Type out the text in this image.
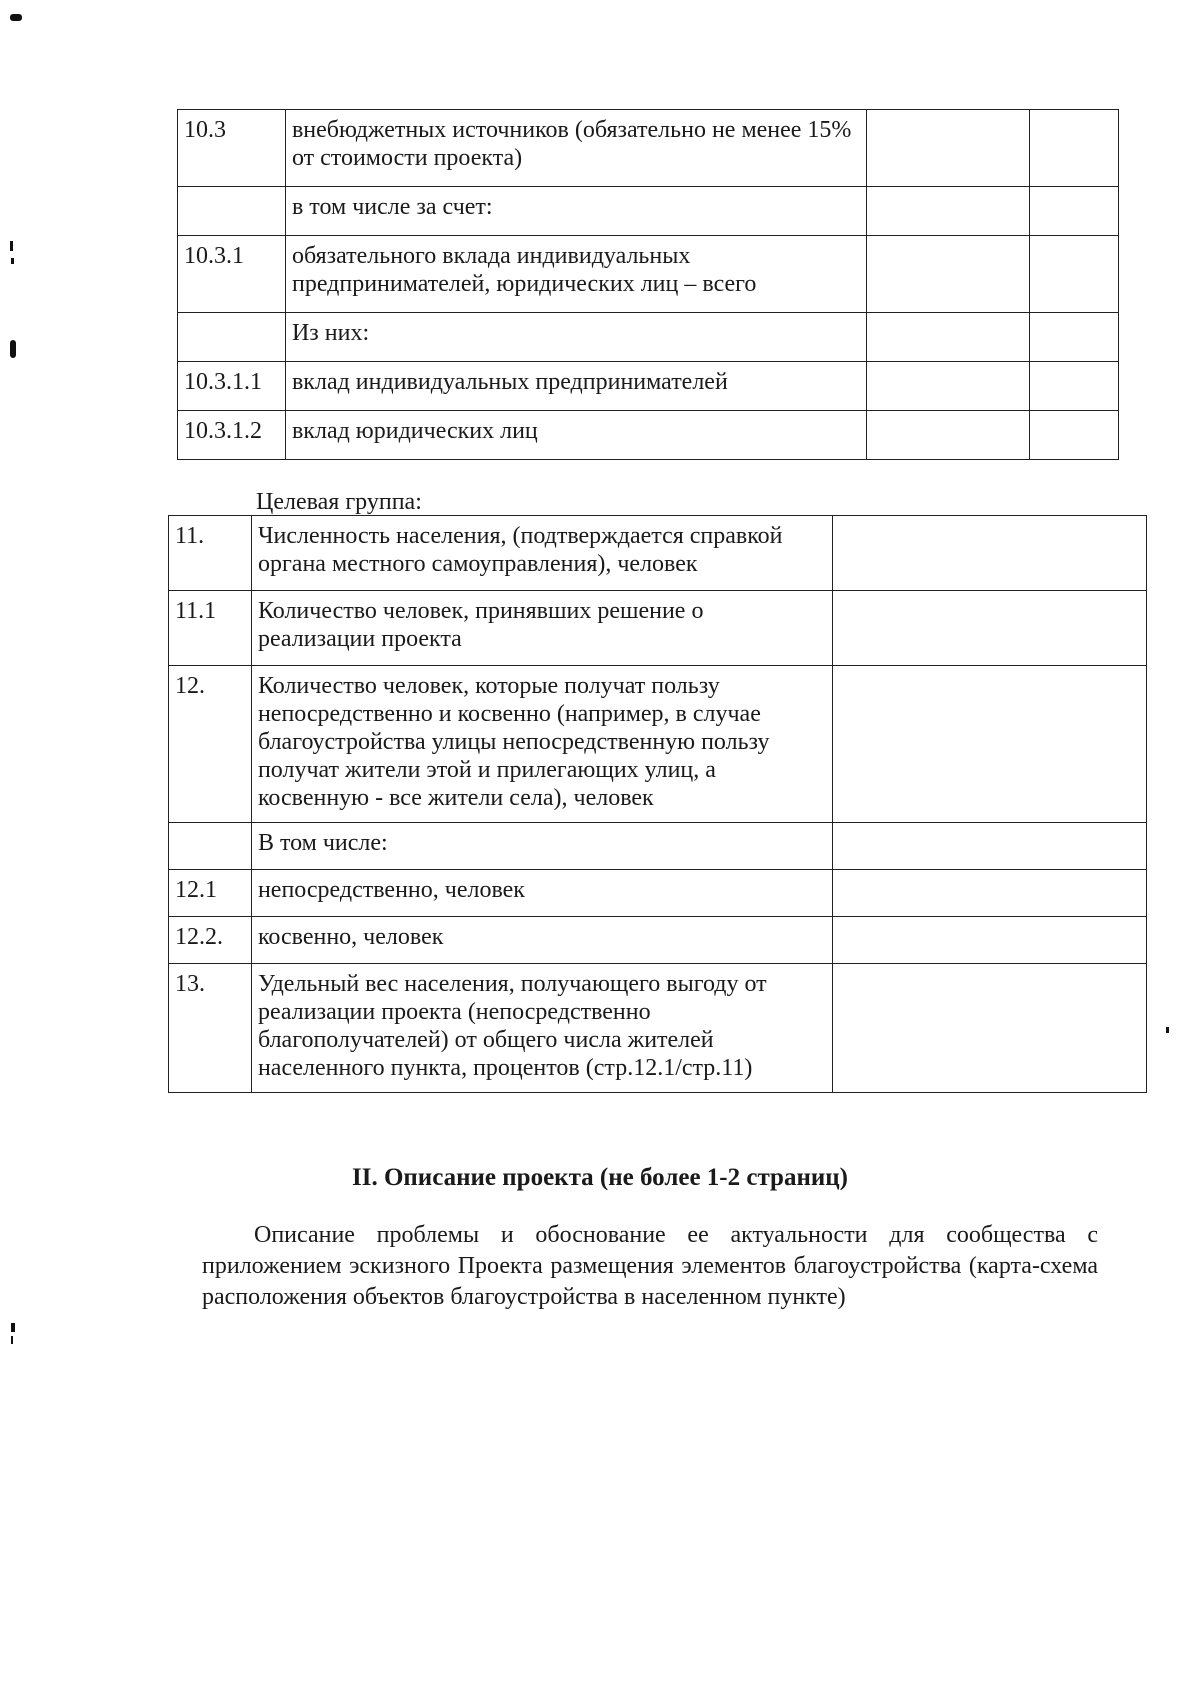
10.3	внебюджетных источников (обязательно не менее 15% от стоимости проекта)		
	в том числе за счет:		
10.3.1	обязательного вклада индивидуальных предпринимателей, юридических лиц – всего		
	Из них:		
10.3.1.1	вклад индивидуальных предпринимателей		
10.3.1.2	вклад юридических лиц		
Целевая группа:
11.	Численность населения, (подтверждается справкой органа местного самоуправления), человек	
11.1	Количество человек, принявших решение о реализации проекта	
12.	Количество человек, которые получат пользу непосредственно и косвенно (например, в случае благоустройства улицы непосредственную пользу получат жители этой и прилегающих улиц, а косвенную - все жители села), человек	
	В том числе:	
12.1	непосредственно, человек	
12.2.	косвенно, человек	
13.	Удельный вес населения, получающего выгоду от реализации проекта (непосредственно благополучателей) от общего числа жителей населенного пункта, процентов (стр.12.1/стр.11)	
II. Описание проекта (не более 1-2 страниц)
Описание проблемы и обоснование ее актуальности для сообщества с приложением эскизного Проекта размещения элементов благоустройства (карта-схема расположения объектов благоустройства в населенном пункте)
